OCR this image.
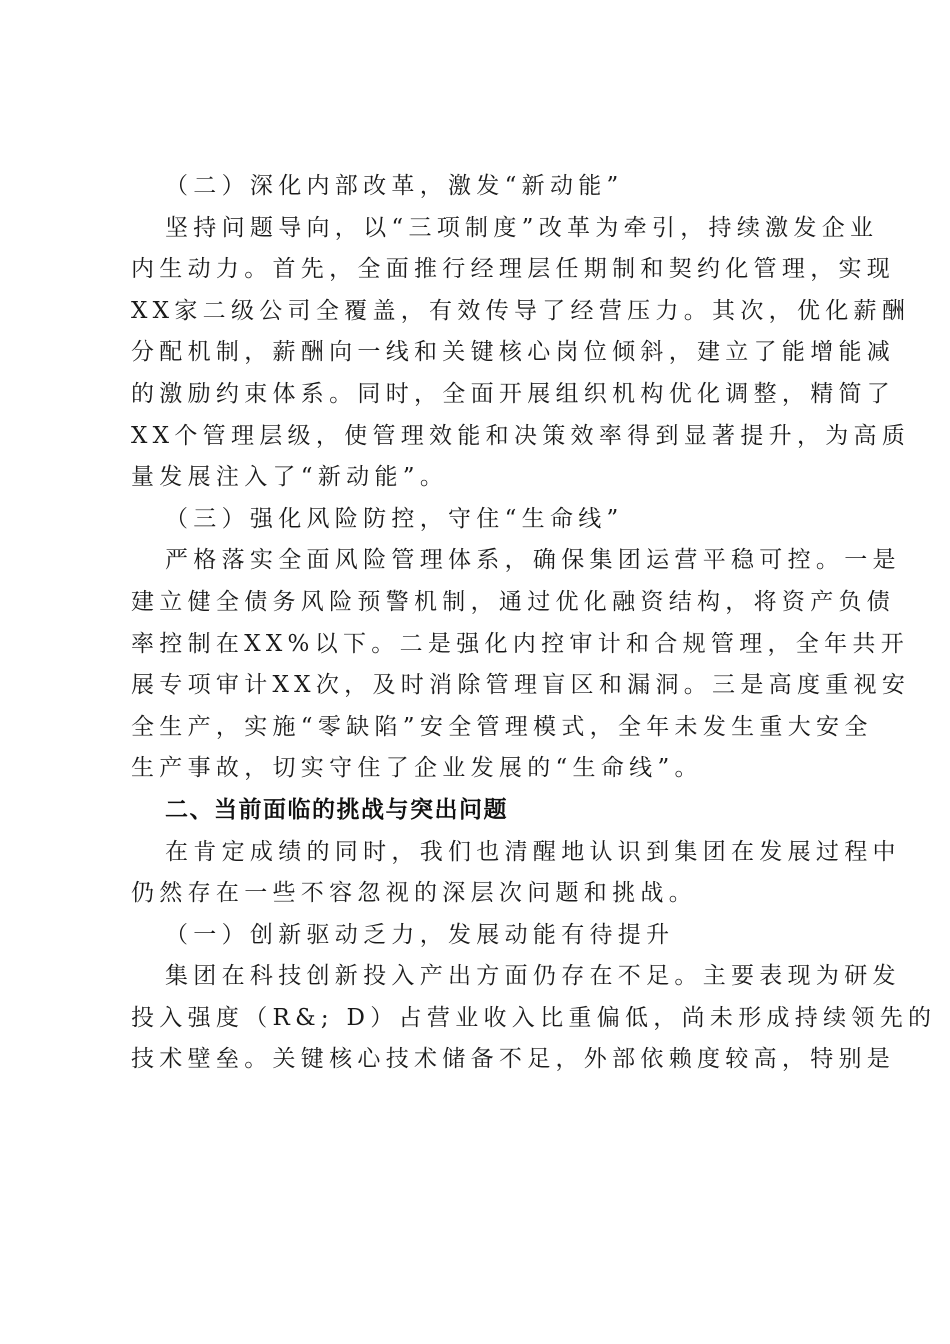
（二）深化内部改革，激发“新动能”
坚持问题导向，以“三项制度”改革为牵引，持续激发企业
内生动力。首先，全面推行经理层任期制和契约化管理，实现
XX家二级公司全覆盖，有效传导了经营压力。其次，优化薪酬
分配机制，薪酬向一线和关键核心岗位倾斜，建立了能增能减
的激励约束体系。同时，全面开展组织机构优化调整，精简了
XX个管理层级，使管理效能和决策效率得到显著提升，为高质
量发展注入了“新动能”。
（三）强化风险防控，守住“生命线”
严格落实全面风险管理体系，确保集团运营平稳可控。一是
建立健全债务风险预警机制，通过优化融资结构，将资产负债
率控制在XX%以下。二是强化内控审计和合规管理，全年共开
展专项审计XX次，及时消除管理盲区和漏洞。三是高度重视安
全生产，实施“零缺陷”安全管理模式，全年未发生重大安全
生产事故，切实守住了企业发展的“生命线”。
二、当前面临的挑战与突出问题
在肯定成绩的同时，我们也清醒地认识到集团在发展过程中
仍然存在一些不容忽视的深层次问题和挑战。
（一）创新驱动乏力，发展动能有待提升
集团在科技创新投入产出方面仍存在不足。主要表现为研发
投入强度（R&; D）占营业收入比重偏低，尚未形成持续领先的
技术壁垒。关键核心技术储备不足，外部依赖度较高，特别是
